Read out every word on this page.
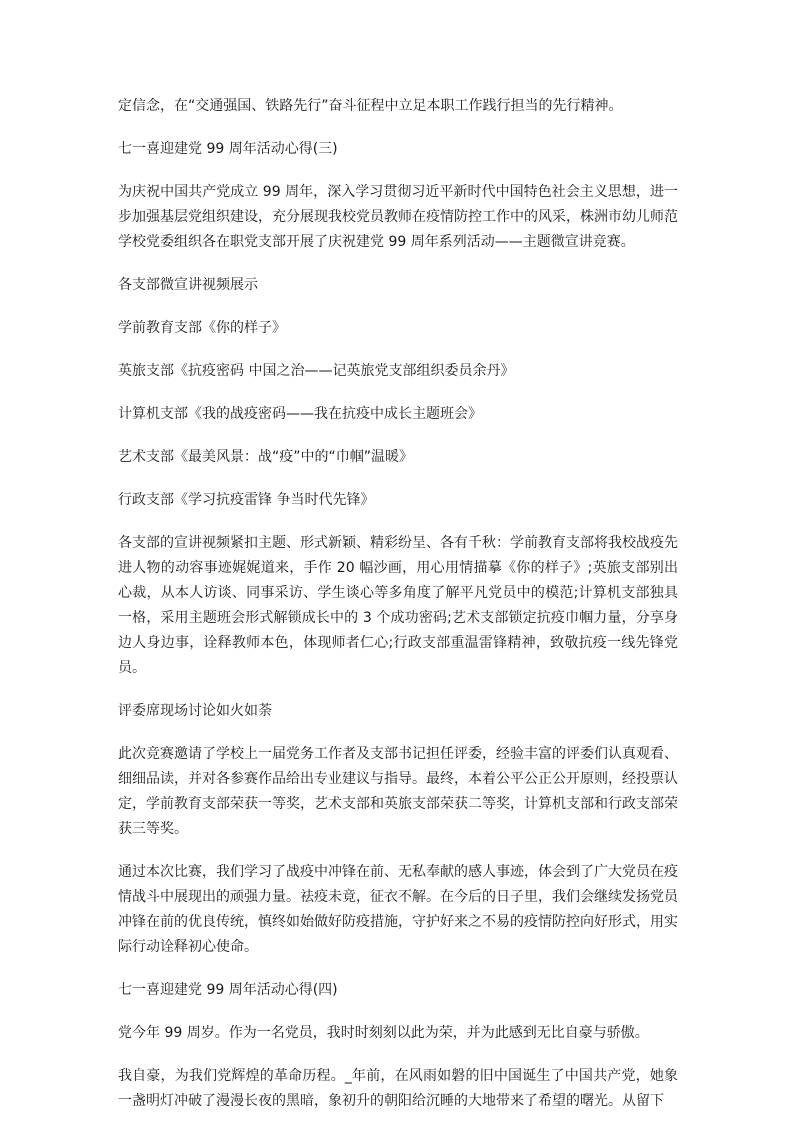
定信念，在“交通强国、铁路先行”奋斗征程中立足本职工作践行担当的先行精神。

七一喜迎建党 99 周年活动心得(三)

为庆祝中国共产党成立 99 周年，深入学习贯彻习近平新时代中国特色社会主义思想，进一步加强基层党组织建设，充分展现我校党员教师在疫情防控工作中的风采，株洲市幼儿师范学校党委组织各在职党支部开展了庆祝建党 99 周年系列活动——主题微宣讲竞赛。

各支部微宣讲视频展示

学前教育支部《你的样子》

英旅支部《抗疫密码 中国之治——记英旅党支部组织委员余丹》

计算机支部《我的战疫密码——我在抗疫中成长主题班会》

艺术支部《最美风景：战“疫”中的“巾帼”温暖》

行政支部《学习抗疫雷锋 争当时代先锋》

各支部的宣讲视频紧扣主题、形式新颖、精彩纷呈、各有千秋：学前教育支部将我校战疫先进人物的动容事迹娓娓道来，手作 20 幅沙画，用心用情描摹《你的样子》;英旅支部别出心裁，从本人访谈、同事采访、学生谈心等多角度了解平凡党员中的模范;计算机支部独具一格，采用主题班会形式解锁成长中的 3 个成功密码;艺术支部锁定抗疫巾帼力量，分享身边人身边事，诠释教师本色，体现师者仁心;行政支部重温雷锋精神，致敬抗疫一线先锋党员。

评委席现场讨论如火如荼

此次竞赛邀请了学校上一届党务工作者及支部书记担任评委，经验丰富的评委们认真观看、细细品读，并对各参赛作品给出专业建议与指导。最终，本着公平公正公开原则，经投票认定，学前教育支部荣获一等奖，艺术支部和英旅支部荣获二等奖，计算机支部和行政支部荣获三等奖。

通过本次比赛，我们学习了战疫中冲锋在前、无私奉献的感人事迹，体会到了广大党员在疫情战斗中展现出的顽强力量。祛疫未竟，征衣不解。在今后的日子里，我们会继续发扬党员冲锋在前的优良传统，慎终如始做好防疫措施，守护好来之不易的疫情防控向好形式，用实际行动诠释初心使命。

七一喜迎建党 99 周年活动心得(四)

党今年 99 周岁。作为一名党员，我时时刻刻以此为荣，并为此感到无比自豪与骄傲。

我自豪，为我们党辉煌的革命历程。_年前，在风雨如磐的旧中国诞生了中国共产党，她象一盏明灯冲破了漫漫长夜的黑暗，象初升的朝阳给沉睡的大地带来了希望的曙光。从留下
